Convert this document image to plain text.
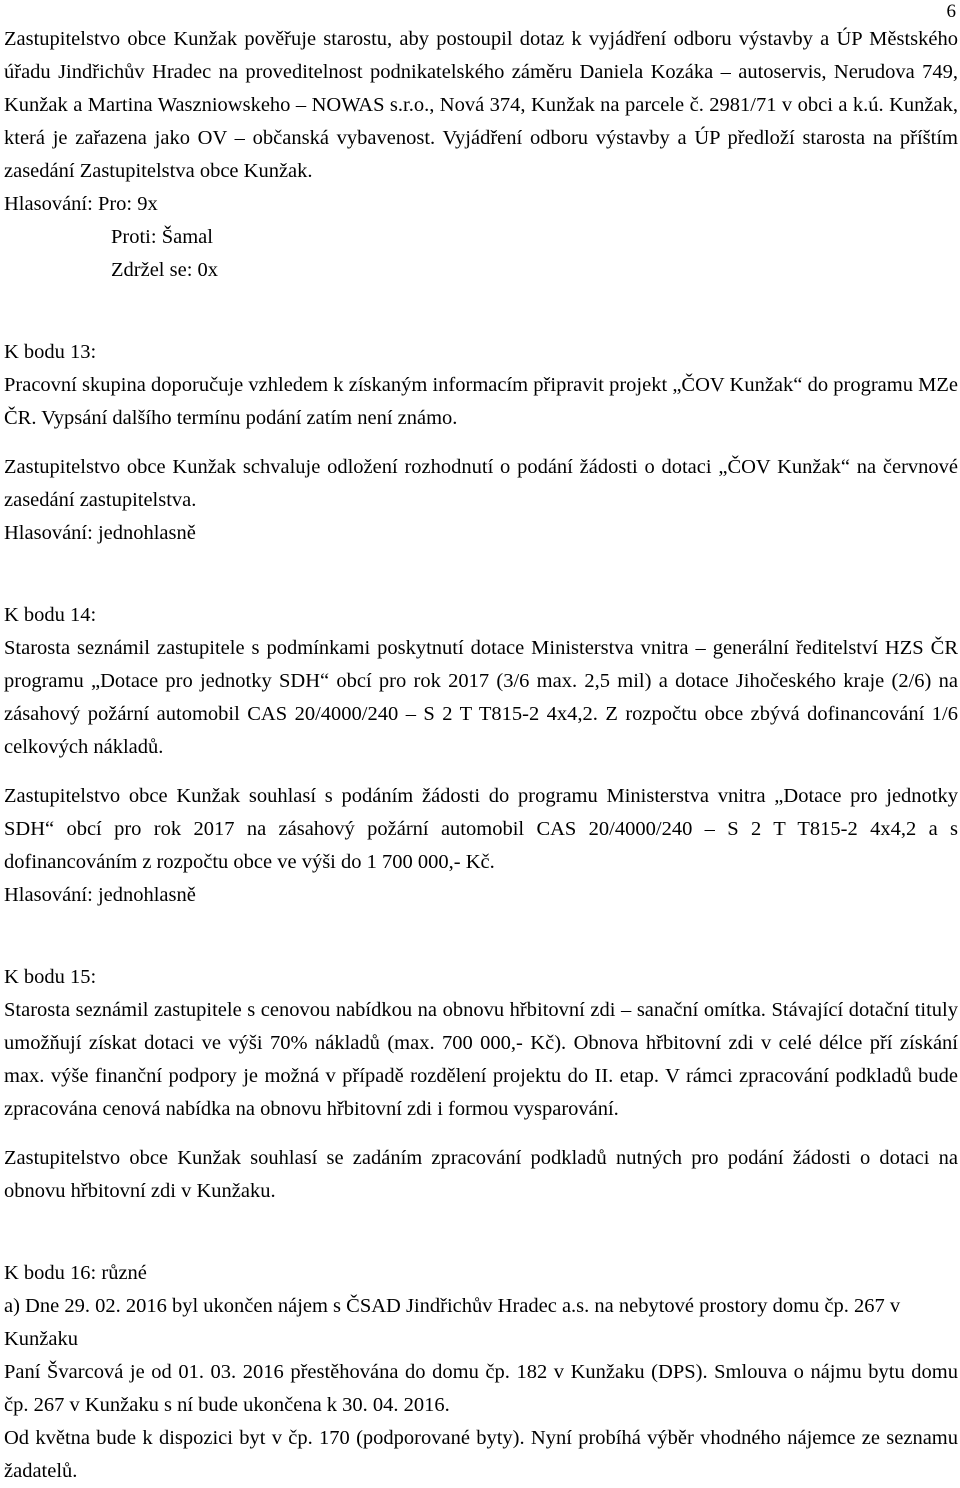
6

Zastupitelstvo obce Kunžak pověřuje starostu, aby postoupil dotaz k vyjádření odboru výstavby a ÚP Městského úřadu Jindřichův Hradec na proveditelnost podnikatelského záměru Daniela Kozáka – autoservis, Nerudova 749, Kunžak a Martina Waszniowskeho – NOWAS s.r.o., Nová 374, Kunžak na parcele č. 2981/71 v obci a k.ú. Kunžak, která je zařazena jako OV – občanská vybavenost. Vyjádření odboru výstavby a ÚP předloží starosta na příštím zasedání Zastupitelstva obce Kunžak.

Hlasování: Pro: 9x

Proti: Šamal

Zdržel se: 0x

K bodu 13:

Pracovní skupina doporučuje vzhledem k získaným informacím připravit projekt „ČOV Kunžak“ do programu MZe ČR. Vypsání dalšího termínu podání zatím není známo.

Zastupitelstvo obce Kunžak schvaluje odložení rozhodnutí o podání žádosti o dotaci „ČOV Kunžak“ na červnové zasedání zastupitelstva.

Hlasování: jednohlasně

K bodu 14:

Starosta seznámil zastupitele s podmínkami poskytnutí dotace Ministerstva vnitra – generální ředitelství HZS ČR programu „Dotace pro jednotky SDH“ obcí pro rok 2017 (3/6 max. 2,5 mil) a dotace Jihočeského kraje (2/6) na zásahový požární automobil CAS 20/4000/240 – S 2 T T815-2 4x4,2. Z rozpočtu obce zbývá dofinancování 1/6 celkových nákladů.

Zastupitelstvo obce Kunžak souhlasí s podáním žádosti do programu Ministerstva vnitra „Dotace pro jednotky SDH“ obcí pro rok 2017 na zásahový požární automobil CAS 20/4000/240 – S 2 T T815-2 4x4,2 a s dofinancováním z rozpočtu obce ve výši do 1 700 000,- Kč.

Hlasování: jednohlasně

K bodu 15:

Starosta seznámil zastupitele s cenovou nabídkou na obnovu hřbitovní zdi – sanační omítka. Stávající dotační tituly umožňují získat dotaci ve výši 70% nákladů (max. 700 000,- Kč). Obnova hřbitovní zdi v celé délce pří získání max. výše finanční podpory je možná v případě rozdělení projektu do II. etap. V rámci zpracování podkladů bude zpracována cenová nabídka na obnovu hřbitovní zdi i formou vysparování.

Zastupitelstvo obce Kunžak souhlasí se zadáním zpracování podkladů nutných pro podání žádosti o dotaci na obnovu hřbitovní zdi v Kunžaku.

K bodu 16: různé

a) Dne 29. 02. 2016 byl ukončen nájem s ČSAD Jindřichův Hradec a.s. na nebytové prostory domu čp. 267 v Kunžaku

Paní Švarcová je od 01. 03. 2016 přestěhována do domu čp. 182 v Kunžaku (DPS). Smlouva o nájmu bytu domu čp. 267 v Kunžaku s ní bude ukončena k 30. 04. 2016.

Od května bude k dispozici byt v čp. 170 (podporované byty). Nyní probíhá výběr vhodného nájemce ze seznamu žadatelů.
